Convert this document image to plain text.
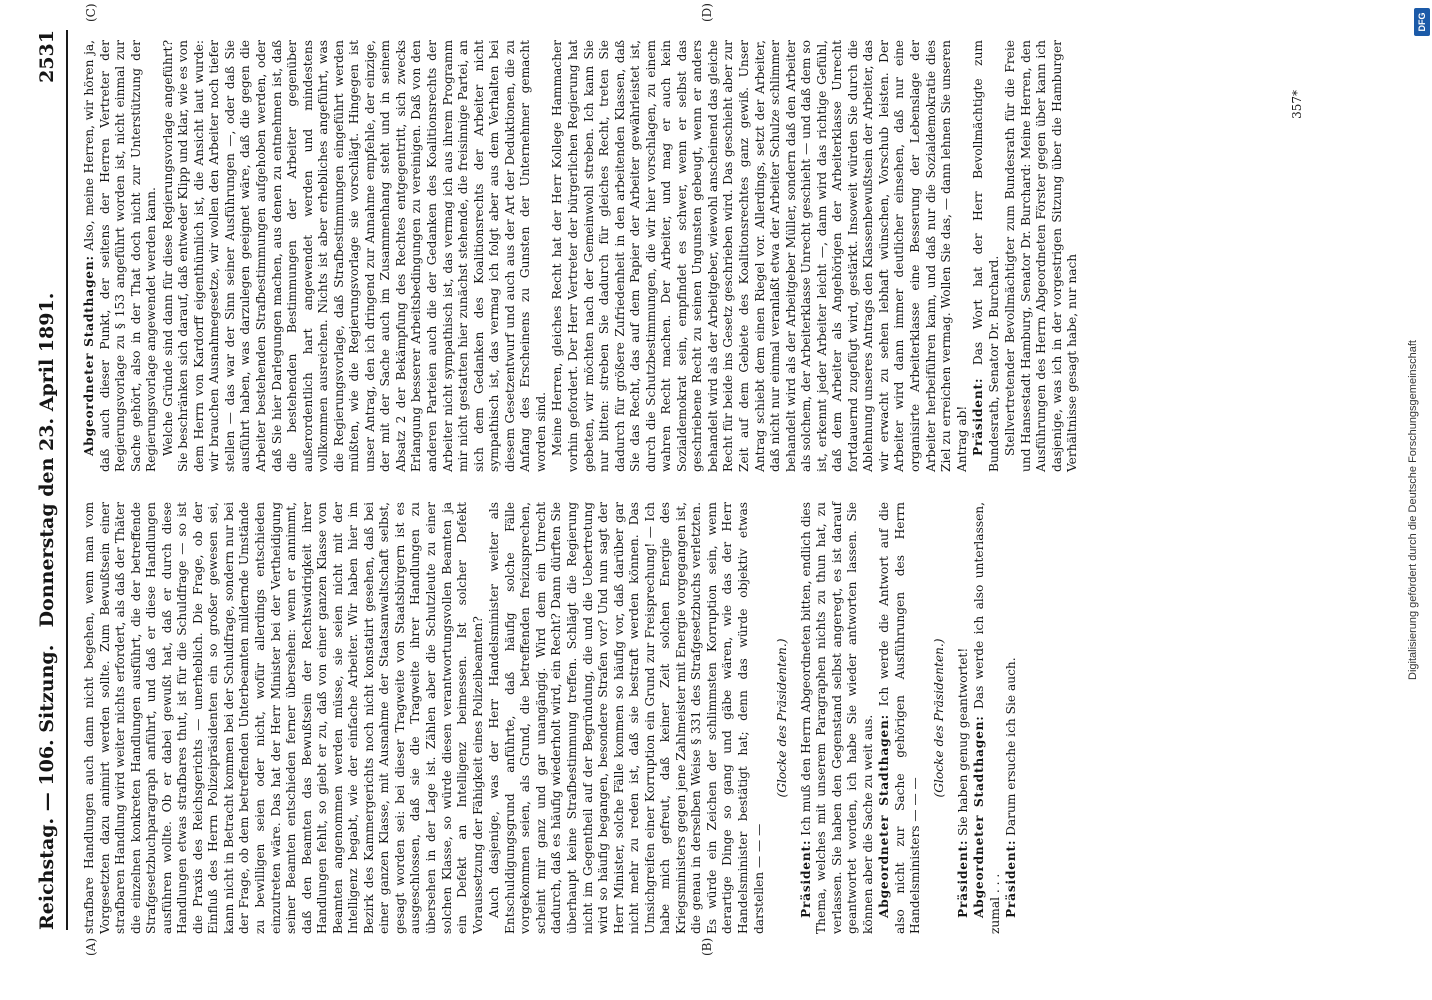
Reichstag. — 106. Sitzung.
Donnerstag den 23. April 1891.
2531
(A)	(B)
(C)	(D)

strafbare Handlungen auch dann nicht begehen, wenn man vom Vorgesetzten dazu animirt werden sollte. Zum Bewußtsein einer strafbaren Handlung wird weiter nichts erfordert, als daß der Thäter die einzelnen konkreten Handlungen ausführt, die der betreffende Strafgesetzbuchparagraph anführt, und daß er diese Handlungen ausführen wollte. Ob er dabei gewußt hat, daß er durch diese Handlungen etwas strafbares thut, ist für die Schuldfrage — so ist die Praxis des Reichsgerichts — unerheblich. Die Frage, ob der Einfluß des Herrn Polizeipräsidenten ein so großer gewesen sei, kann nicht in Betracht kommen bei der Schuldfrage, sondern nur bei der Frage, ob dem betreffenden Unterbeamten mildernde Umstände zu bewilligen seien oder nicht, wofür allerdings entschieden einzutreten wäre. Das hat der Herr Minister bei der Vertheidigung seiner Beamten entschieden ferner übersehen: wenn er annimmt, daß den Beamten das Bewußtsein der Rechtswidrigkeit ihrer Handlungen fehlt, so giebt er zu, daß von einer ganzen Klasse von Beamten angenommen werden müsse, sie seien nicht mit der Intelligenz begabt, wie der einfache Arbeiter. Wir haben hier im Bezirk des Kammergerichts noch nicht konstatirt gesehen, daß bei einer ganzen Klasse, mit Ausnahme der Staatsanwaltschaft selbst, gesagt worden sei: bei dieser Tragweite von Staatsbürgern ist es ausgeschlossen, daß sie die Tragweite ihrer Handlungen zu übersehen in der Lage ist. Zählen aber die Schutzleute zu einer solchen Klasse, so würde diesen verantwortungsvollen Beamten ja ein Defekt an Intelligenz beimessen. Ist solcher Defekt Voraussetzung der Fähigkeit eines Polizeibeamten? Auch dasjenige, was der Herr Handelsminister weiter als Entschuldigungsgrund anführte, daß häufig solche Fälle vorgekommen seien, als Grund, die betreffenden freizusprechen, scheint mir ganz und gar unangängig. Wird dem ein Unrecht dadurch, daß es häufig wiederholt wird, ein Recht? Dann dürften Sie überhaupt keine Strafbestimmung treffen. Schlägt die Regierung nicht im Gegentheil auf der Begründung, die und die Uebertretung wird so häufig begangen, besondere Strafen vor? Und nun sagt der Herr Minister, solche Fälle kommen so häufig vor, daß darüber gar nicht mehr zu reden ist, daß sie bestraft werden können. Das Umsichgreifen einer Korruption ein Grund zur Freisprechung! — Ich habe mich gefreut, daß keiner Zeit solchen Energie des Kriegsministers gegen jene Zahlmeister mit Energie vorgegangen ist, die genau in derselben Weise § 331 des Strafgesetzbuchs verletzten. Es würde ein Zeichen der schlimmsten Korruption sein, wenn derartige Dinge so gang und gäbe wären, wie das der Herr Handelsminister bestätigt hat; denn das würde objektiv etwas darstellen — — —

(Glocke des Präsidenten.)

Präsident: Ich muß den Herrn Abgeordneten bitten, endlich dies Thema, welches mit unserem Paragraphen nichts zu thun hat, zu verlassen. Sie haben den Gegenstand selbst angeregt, es ist darauf geantwortet worden, ich habe Sie wieder antworten lassen. Sie können aber die Sache zu weit aus. Abgeordneter Stadthagen: Ich werde die Antwort auf die also nicht zur Sache gehörigen Ausführungen des Herrn Handelsministers — — —

(Glocke des Präsidenten.)

Präsident: Sie haben genug geantwortet! Abgeordneter Stadthagen: Das werde ich also unterlassen, zumal . . . Präsident: Darum ersuche ich Sie auch.

Abgeordneter Stadthagen: Also, meine Herren, wir hören ja, daß auch dieser Punkt, der seitens der Herren Vertreter der Regierungsvorlage zu § 153 angeführt worden ist, nicht einmal zur Sache gehört, also in der That doch nicht zur Unterstützung der Regierungsvorlage angewendet werden kann. Welche Gründe sind dann für diese Regierungsvorlage angeführt? Sie beschränken sich darauf, daß entweder Klipp und klar, wie es von dem Herrn von Kardorff eigenthümlich ist, die Ansicht laut wurde: wir brauchen Ausnahmegesetze, wir wollen den Arbeiter noch tiefer stellen — das war der Sinn seiner Ausführungen —, oder daß Sie ausführt haben, was darzulegen geeignet wäre, daß die gegen die Arbeiter bestehenden Strafbestimmungen aufgehoben werden, oder daß Sie hier Darlegungen machen, aus denen zu entnehmen ist, daß die bestehenden Bestimmungen der Arbeiter gegenüber außerordentlich hart angewendet werden und mindestens vollkommen ausreichen. Nichts ist aber erhebliches angeführt, was die Regierungsvorlage, daß Strafbestimmungen eingeführt werden müßten, wie die Regierungsvorlage sie vorschlägt. Hingegen ist unser Antrag, den ich dringend zur Annahme empfehle, der einzige, der mit der Sache auch im Zusammenhang steht und in seinem Absatz 2 der Bekämpfung des Rechtes entgegentritt, sich zwecks Erlangung besserer Arbeitsbedingungen zu vereinigen. Daß von den anderen Parteien auch die der Gedanken des Koalitionsrechts der Arbeiter nicht sympathisch ist, das vermag ich aus ihrem Programm mir nicht gestatten hier zunächst stehende, die freisinnige Partei, an sich dem Gedanken des Koalitionsrechts der Arbeiter nicht sympathisch ist, das vermag ich folgt aber aus dem Verhalten bei diesem Gesetzentwurf und auch aus der Art der Deduktionen, die zu Anfang des Erscheinens zu Gunsten der Unternehmer gemacht worden sind. Meine Herren, gleiches Recht hat der Herr Kollege Hammacher vorhin gefordert. Der Herr Vertreter der bürgerlichen Regierung hat gebeten, wir möchten nach der Gemeinwohl streben. Ich kann Sie nur bitten: streben Sie dadurch für gleiches Recht, treten Sie dadurch für größere Zufriedenheit in den arbeitenden Klassen, daß Sie das Recht, das auf dem Papier der Arbeiter gewährleistet ist, durch die Schutzbestimmungen, die wir hier vorschlagen, zu einem wahren Recht machen. Der Arbeiter, und mag er auch kein Sozialdemokrat sein, empfindet es schwer, wenn er selbst das geschriebene Recht zu seinen Ungunsten gebeugt, wenn er anders behandelt wird als der Arbeitgeber, wiewohl anscheinend das gleiche Recht für beide ins Gesetz geschrieben wird. Das geschieht aber zur Zeit auf dem Gebiete des Koalitionsrechtes ganz gewiß. Unser Antrag schiebt dem einen Riegel vor. Allerdings, setzt der Arbeiter, daß nicht nur einmal veranlaßt etwa der Arbeiter Schulze schlimmer behandelt wird als der Arbeitgeber Müller, sondern daß den Arbeiter als solchem, der Arbeiterklasse Unrecht geschieht — und daß dem so ist, erkennt jeder Arbeiter leicht —, dann wird das richtige Gefühl, daß dem Arbeiter als Angehörigen der Arbeiterklasse Unrecht fortdauernd zugefügt wird, gestärkt. Insoweit würden Sie durch die Ablehnung unseres Antrags den Klassenbewußtsein der Arbeiter, das wir erwacht zu sehen lebhaft wünschen, Vorschub leisten. Der Arbeiter wird dann immer deutlicher einsehen, daß nur eine organisirte Arbeiterklasse eine Besserung der Lebenslage der Arbeiter herbeiführen kann, und daß nur die Sozialdemokratie dies Ziel zu erreichen vermag. Wollen Sie das, — dann lehnen Sie unseren Antrag ab! Präsident: Das Wort hat der Herr Bevollmächtigte zum Bundesrath, Senator Dr. Burchard. Stellvertretender Bevollmächtigter zum Bundesrath für die Freie und Hansestadt Hamburg, Senator Dr. Burchard: Meine Herren, den Ausführungen des Herrn Abgeordneten Förster gegen über kann ich dasjenige, was ich in der vorgestrigen Sitzung über die Hamburger Verhältnisse gesagt habe, nur nach

357*
DFG
Digitalisierung gefördert durch die Deutsche Forschungsgemeinschaft
